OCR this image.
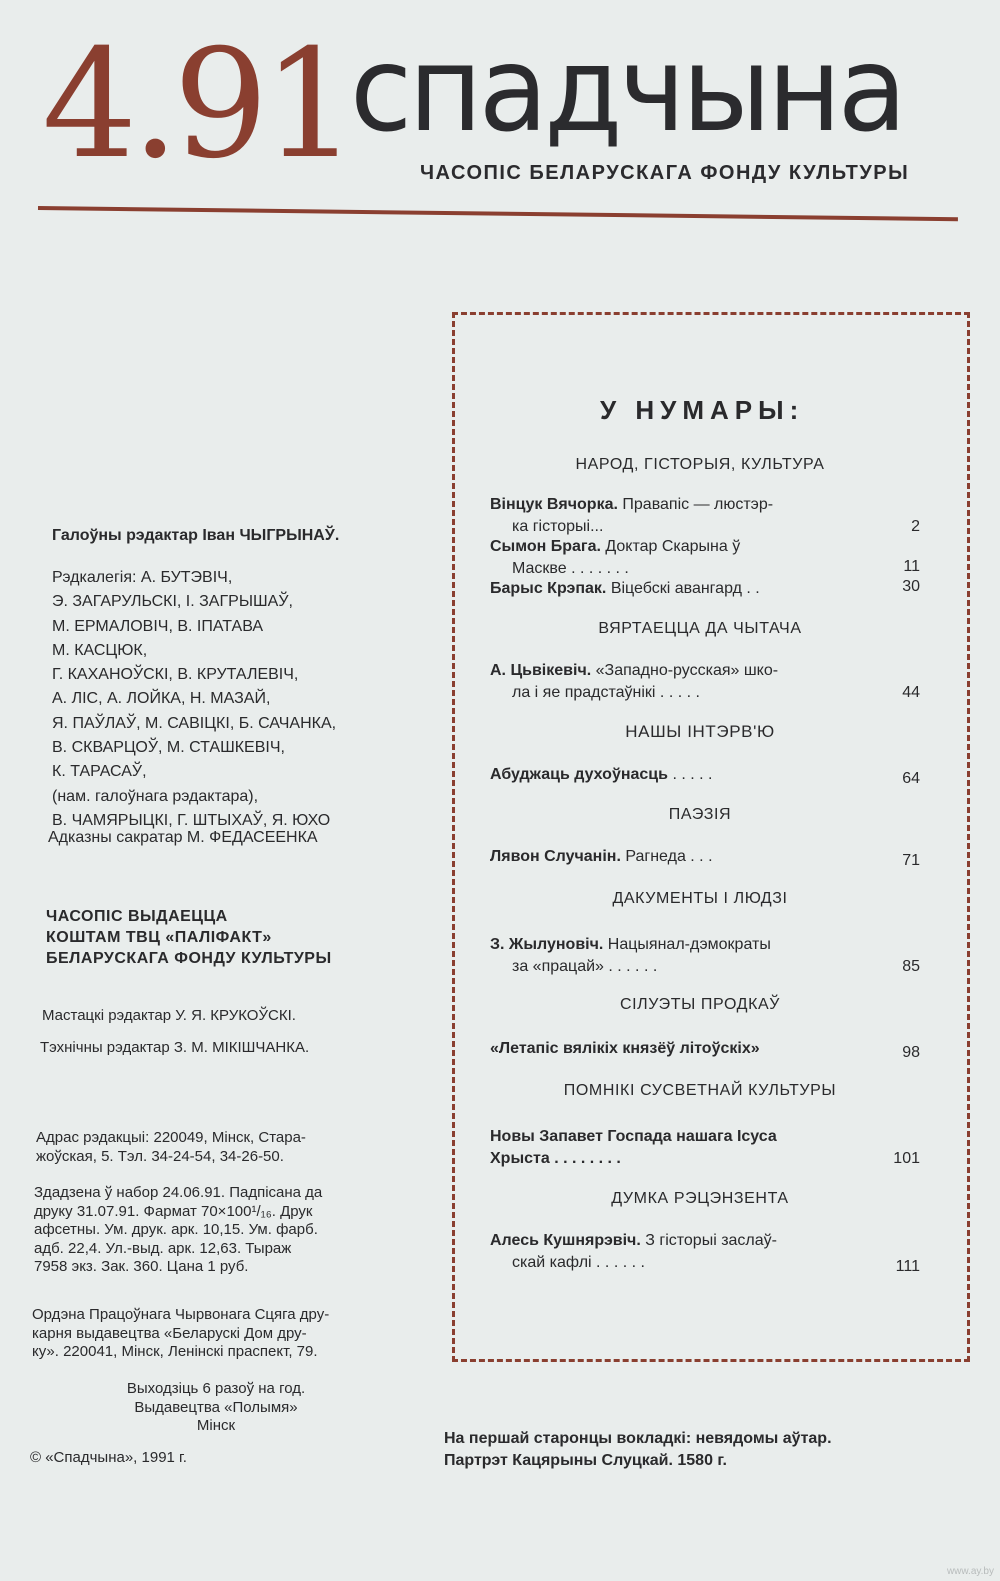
4.91
спадчына
ЧАСОПІС БЕЛАРУСКАГА ФОНДУ КУЛЬТУРЫ
Галоўны рэдактар Іван ЧЫГРЫНАЎ.
Рэдкалегія: А. БУТЭВІЧ,
Э. ЗАГАРУЛЬСКІ, І. ЗАГРЫШАЎ,
М. ЕРМАЛОВІЧ, В. ІПАТАВА
М. КАСЦЮК,
Г. КАХАНОЎСКІ, В. КРУТАЛЕВІЧ,
А. ЛІС, А. ЛОЙКА, Н. МАЗАЙ,
Я. ПАЎЛАЎ, М. САВІЦКІ, Б. САЧАНКА,
В. СКВАРЦОЎ, М. СТАШКЕВІЧ,
К. ТАРАСАЎ,
(нам. галоўнага рэдактара),
В. ЧАМЯРЫЦКІ, Г. ШТЫХАЎ, Я. ЮХО
Адказны сакратар М. ФЕДАСЕЕНКА
ЧАСОПІС ВЫДАЕЦЦА
КОШТАМ ТВЦ «ПАЛІФАКТ»
БЕЛАРУСКАГА ФОНДУ КУЛЬТУРЫ
Мастацкі рэдактар У. Я. КРУКОЎСКІ.
Тэхнічны рэдактар З. М. МІКІШЧАНКА.
Адрас рэдакцыі: 220049, Мінск, Стара-
жоўская, 5. Тэл. 34-24-54, 34-26-50.
Здадзена ў набор 24.06.91. Падпісана да
друку 31.07.91. Фармат 70×100¹/₁₆. Друк
афсетны. Ум. друк. арк. 10,15. Ум. фарб.
адб. 22,4. Ул.-выд. арк. 12,63. Тыраж
7958 экз. Зак. 360. Цана 1 руб.
Ордэна Працоўнага Чырвонага Сцяга дру-
карня выдавецтва «Беларускі Дом дру-
ку». 220041, Мінск, Ленінскі праспект, 79.
Выходзіць 6 разоў на год.
Выдавецтва «Полымя»
Мінск
© «Спадчына», 1991 г.
У НУМАРЫ:
НАРОД, ГІСТОРЫЯ, КУЛЬТУРА
Вінцук Вячорка. Правапіс — люстэр-
ка гісторыі...	2
Сымон Брага. Доктар Скарына ў
Маскве . . . . . . .	11
Барыс Крэпак. Віцебскі авангард . .	30
ВЯРТАЕЦЦА ДА ЧЫТАЧА
А. Цьвікевіч. «Западно-русская» шко-
ла і яе прадстаўнікі . . . . .	44
НАШЫ ІНТЭРВ'Ю
Абуджаць духоўнасць . . . . .	64
ПАЭЗІЯ
Лявон Случанін. Рагнеда . . .	71
ДАКУМЕНТЫ І ЛЮДЗІ
З. Жылуновіч. Нацыянал-дэмократы
за «працай» . . . . . .	85
СІЛУЭТЫ ПРОДКАЎ
«Летапіс вялікіх князёў літоўскіх»	98
ПОМНІКІ СУСВЕТНАЙ КУЛЬТУРЫ
Новы Запавет Госпада нашага Ісуса
Хрыста . . . . . . . .	101
ДУМКА РЭЦЭНЗЕНТА
Алесь Кушнярэвіч. З гісторыі заслаў-
скай кафлі . . . . . .	111
На першай старонцы вокладкі: невядомы аўтар.
Партрэт Кацярыны Слуцкай. 1580 г.
www.ay.by
